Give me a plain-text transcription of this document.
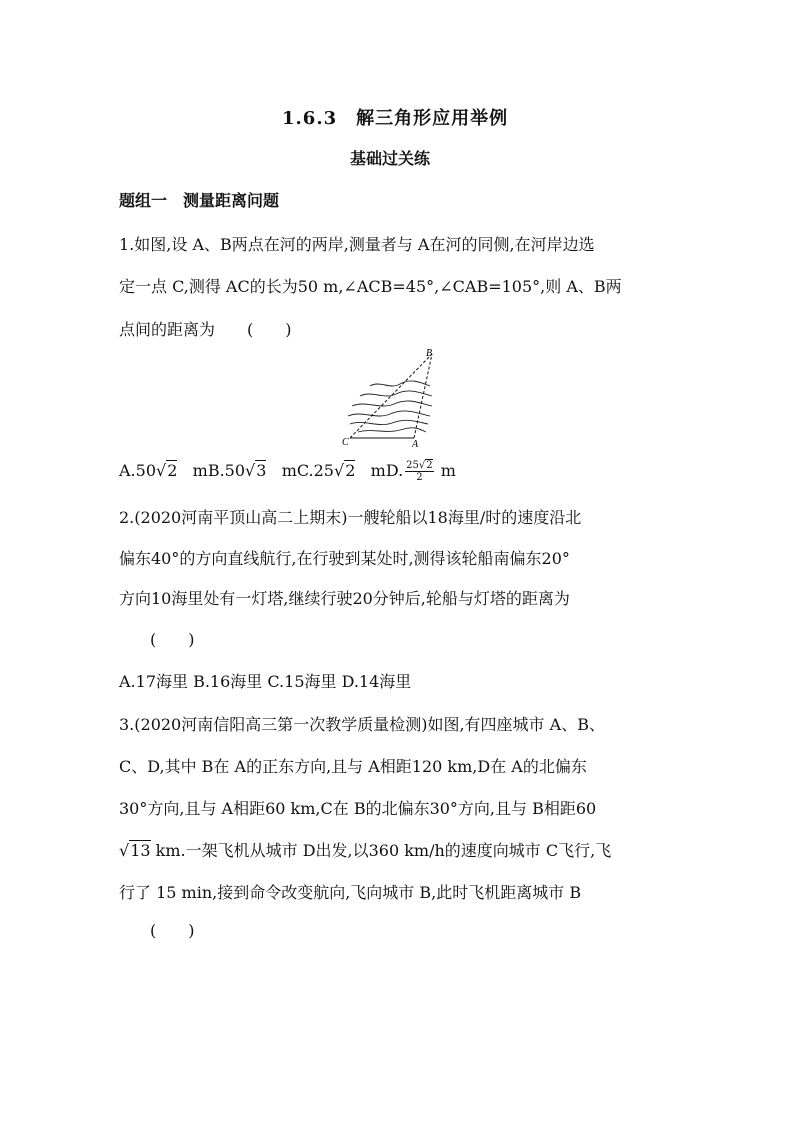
1.6.3　解三角形应用举例
基础过关练
题组一　测量距离问题
1.如图,设 A、B两点在河的两岸,测量者与 A在河的同侧,在河岸边选
定一点 C,测得 AC的长为50 m,∠ACB=45°,∠CAB=105°,则 A、B两
点间的距离为　　(　　)
B
C	A
A.50√2 mB.50√3 mC.25√2 mD. $\frac{25√2}{2}$ m
2.(2020河南平顶山高二上期末)一艘轮船以18海里/时的速度沿北
偏东40°的方向直线航行,在行驶到某处时,测得该轮船南偏东20°
方向10海里处有一灯塔,继续行驶20分钟后,轮船与灯塔的距离为
(　　)
A.17海里 B.16海里 C.15海里 D.14海里
3.(2020河南信阳高三第一次教学质量检测)如图,有四座城市 A、B、
C、D,其中 B在 A的正东方向,且与 A相距120 km,D在 A的北偏东
30°方向,且与 A相距60 km,C在 B的北偏东30°方向,且与 B相距60
√13 km.一架飞机从城市 D出发,以360 km/h的速度向城市 C飞行,飞
行了 15 min,接到命令改变航向,飞向城市 B,此时飞机距离城市 B
(　　)
